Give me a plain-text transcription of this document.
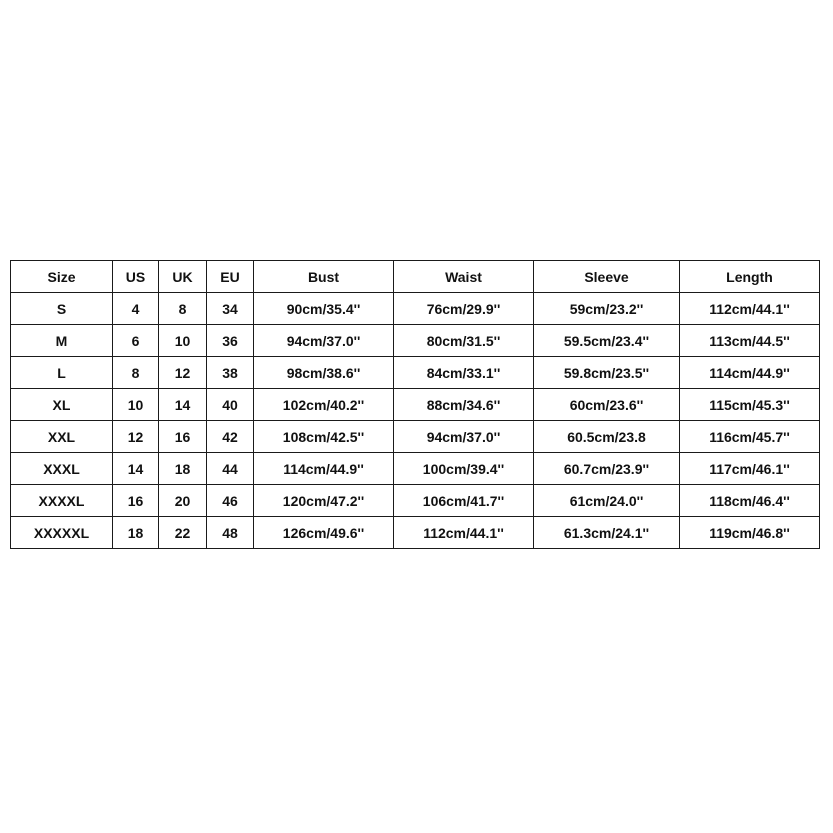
Size	US	UK	EU	Bust	Waist	Sleeve	Length
S	4	8	34	90cm/35.4''	76cm/29.9''	59cm/23.2''	112cm/44.1''
M	6	10	36	94cm/37.0''	80cm/31.5''	59.5cm/23.4''	113cm/44.5''
L	8	12	38	98cm/38.6''	84cm/33.1''	59.8cm/23.5''	114cm/44.9''
XL	10	14	40	102cm/40.2''	88cm/34.6''	60cm/23.6''	115cm/45.3''
XXL	12	16	42	108cm/42.5''	94cm/37.0''	60.5cm/23.8	116cm/45.7''
XXXL	14	18	44	114cm/44.9''	100cm/39.4''	60.7cm/23.9''	117cm/46.1''
XXXXL	16	20	46	120cm/47.2''	106cm/41.7''	61cm/24.0''	118cm/46.4''
XXXXXL	18	22	48	126cm/49.6''	112cm/44.1''	61.3cm/24.1''	119cm/46.8''
